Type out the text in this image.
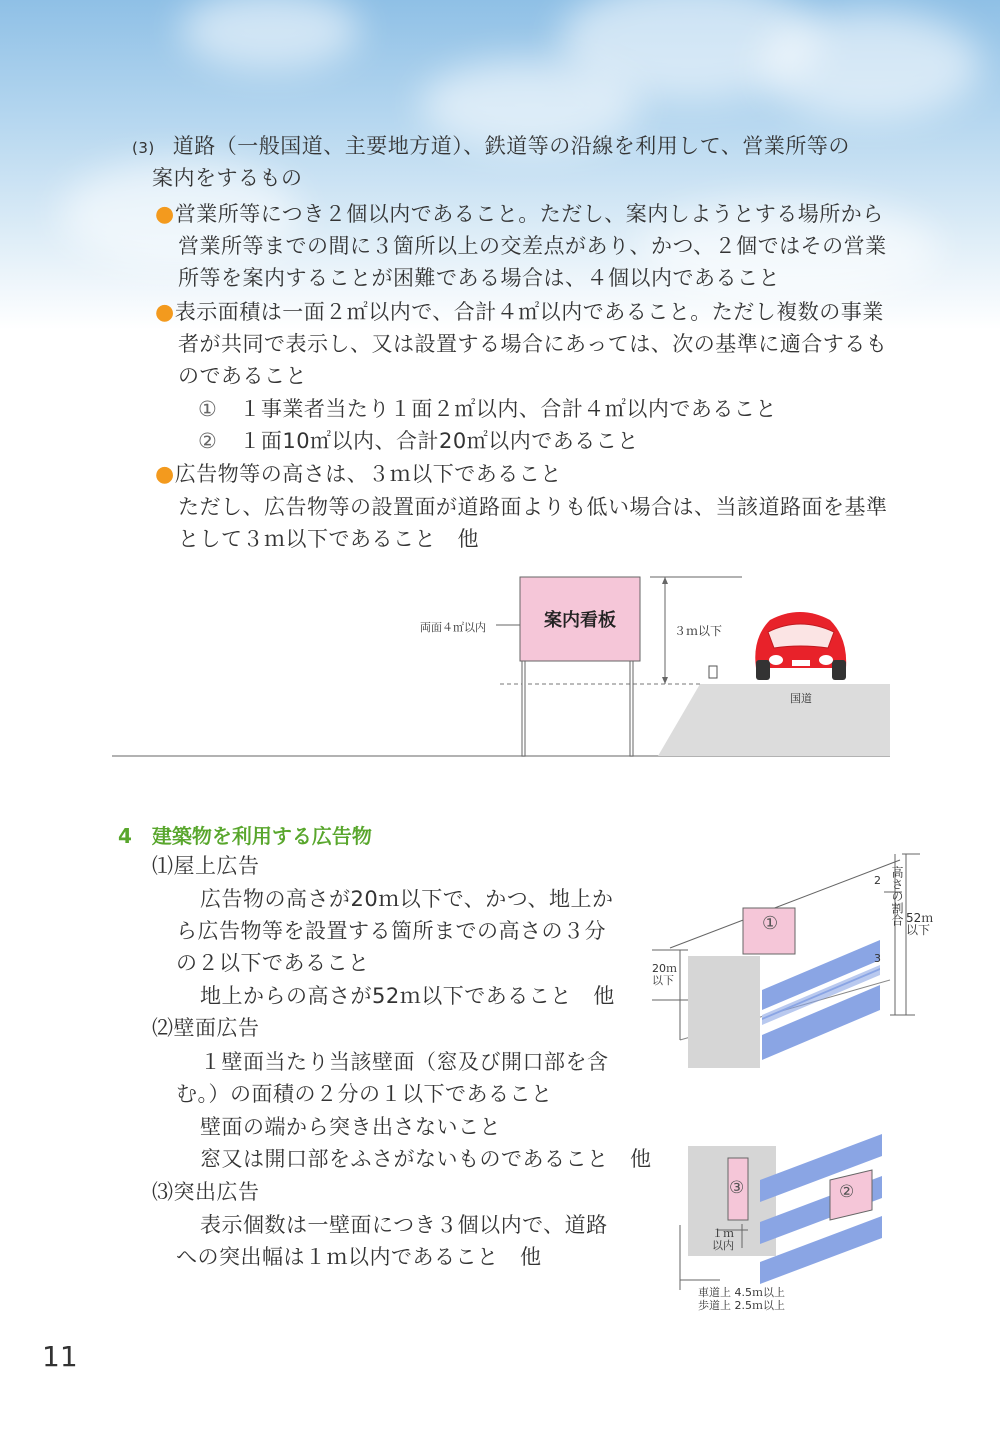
(3) 道路（一般国道、主要地方道）、鉄道等の沿線を利用して、営業所等の
案内をするもの
●営業所等につき２個以内であること。ただし、案内しようとする場所から
営業所等までの間に３箇所以上の交差点があり、かつ、２個ではその営業
所等を案内することが困難である場合は、４個以内であること
●表示面積は一面２㎡以内で、合計４㎡以内であること。ただし複数の事業
者が共同で表示し、又は設置する場合にあっては、次の基準に適合するも
のであること
① １事業者当たり１面２㎡以内、合計４㎡以内であること
② １面10㎡以内、合計20㎡以内であること
●広告物等の高さは、３ｍ以下であること
ただし、広告物等の設置面が道路面よりも低い場合は、当該道路面を基準
として３ｍ以下であること　他
案内看板
両面４㎡以内	３ｍ以下
国道
4　建築物を利用する広告物
⑴屋上広告
広告物の高さが20ｍ以下で、かつ、地上か
ら広告物等を設置する箇所までの高さの３分
の２以下であること
地上からの高さが52ｍ以下であること　他
⑵壁面広告
１壁面当たり当該壁面（窓及び開口部を含
む。）の面積の２分の１以下であること
壁面の端から突き出さないこと
窓又は開口部をふさがないものであること　他
⑶突出広告
表示個数は一壁面につき３個以内で、道路
への突出幅は１ｍ以内であること　他
①
20ｍ
以下
52ｍ
以下
高さの割合
2
3
③	②
１ｍ
以内
車道上 4.5ｍ以上
歩道上 2.5ｍ以上
11
